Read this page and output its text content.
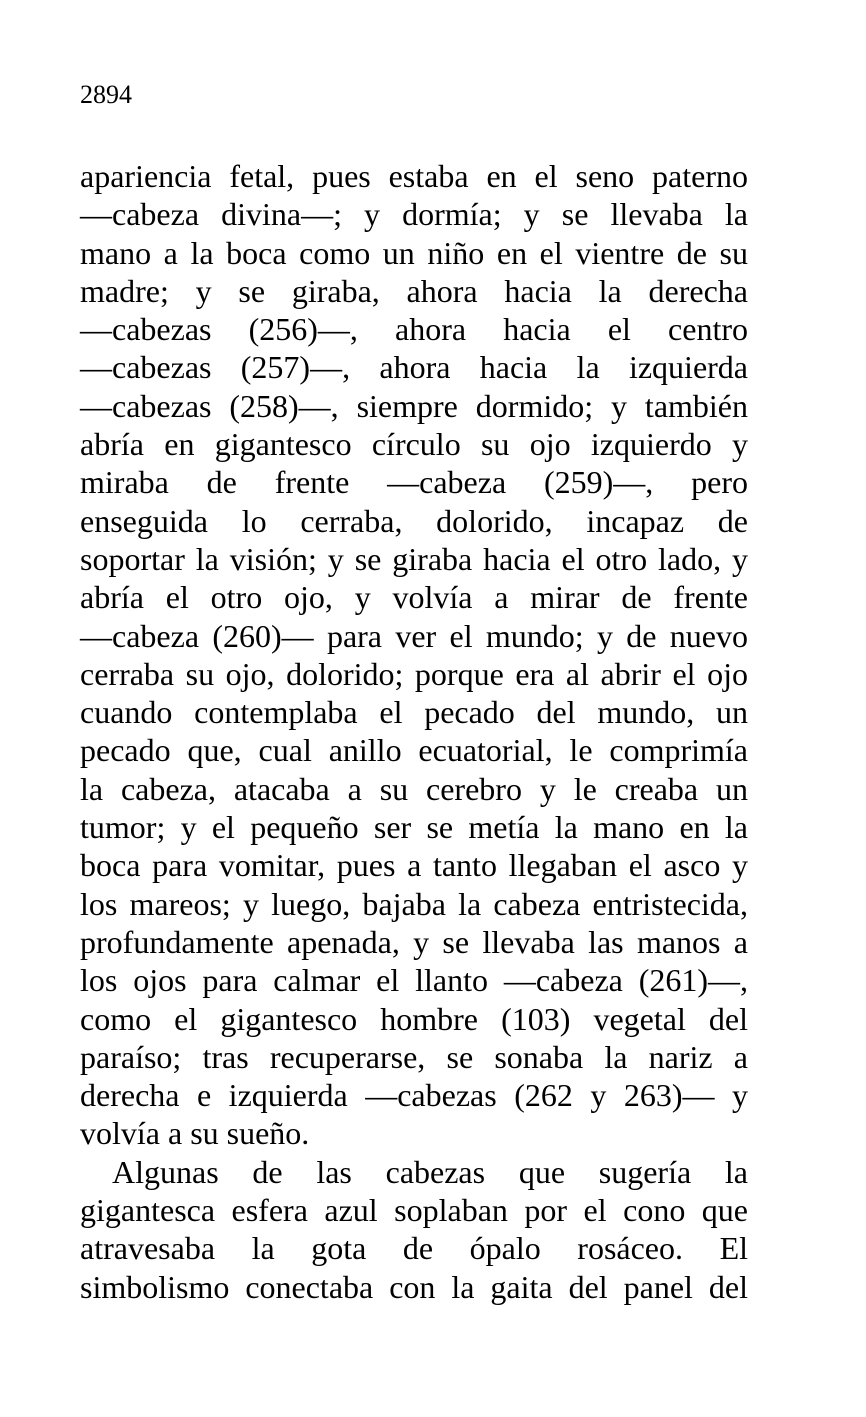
2894
apariencia fetal, pues estaba en el seno paterno
—cabeza divina—; y dormía; y se llevaba la
mano a la boca como un niño en el vientre de su
madre; y se giraba, ahora hacia la derecha
—cabezas (256)—, ahora hacia el centro
—cabezas (257)—, ahora hacia la izquierda
—cabezas (258)—, siempre dormido; y también
abría en gigantesco círculo su ojo izquierdo y
miraba de frente —cabeza (259)—, pero
enseguida lo cerraba, dolorido, incapaz de
soportar la visión; y se giraba hacia el otro lado, y
abría el otro ojo, y volvía a mirar de frente
—cabeza (260)— para ver el mundo; y de nuevo
cerraba su ojo, dolorido; porque era al abrir el ojo
cuando contemplaba el pecado del mundo, un
pecado que, cual anillo ecuatorial, le comprimía
la cabeza, atacaba a su cerebro y le creaba un
tumor; y el pequeño ser se metía la mano en la
boca para vomitar, pues a tanto llegaban el asco y
los mareos; y luego, bajaba la cabeza entristecida,
profundamente apenada, y se llevaba las manos a
los ojos para calmar el llanto —cabeza (261)—,
como el gigantesco hombre (103) vegetal del
paraíso; tras recuperarse, se sonaba la nariz a
derecha e izquierda —cabezas (262 y 263)— y
volvía a su sueño.
Algunas de las cabezas que sugería la
gigantesca esfera azul soplaban por el cono que
atravesaba la gota de ópalo rosáceo. El
simbolismo conectaba con la gaita del panel del
